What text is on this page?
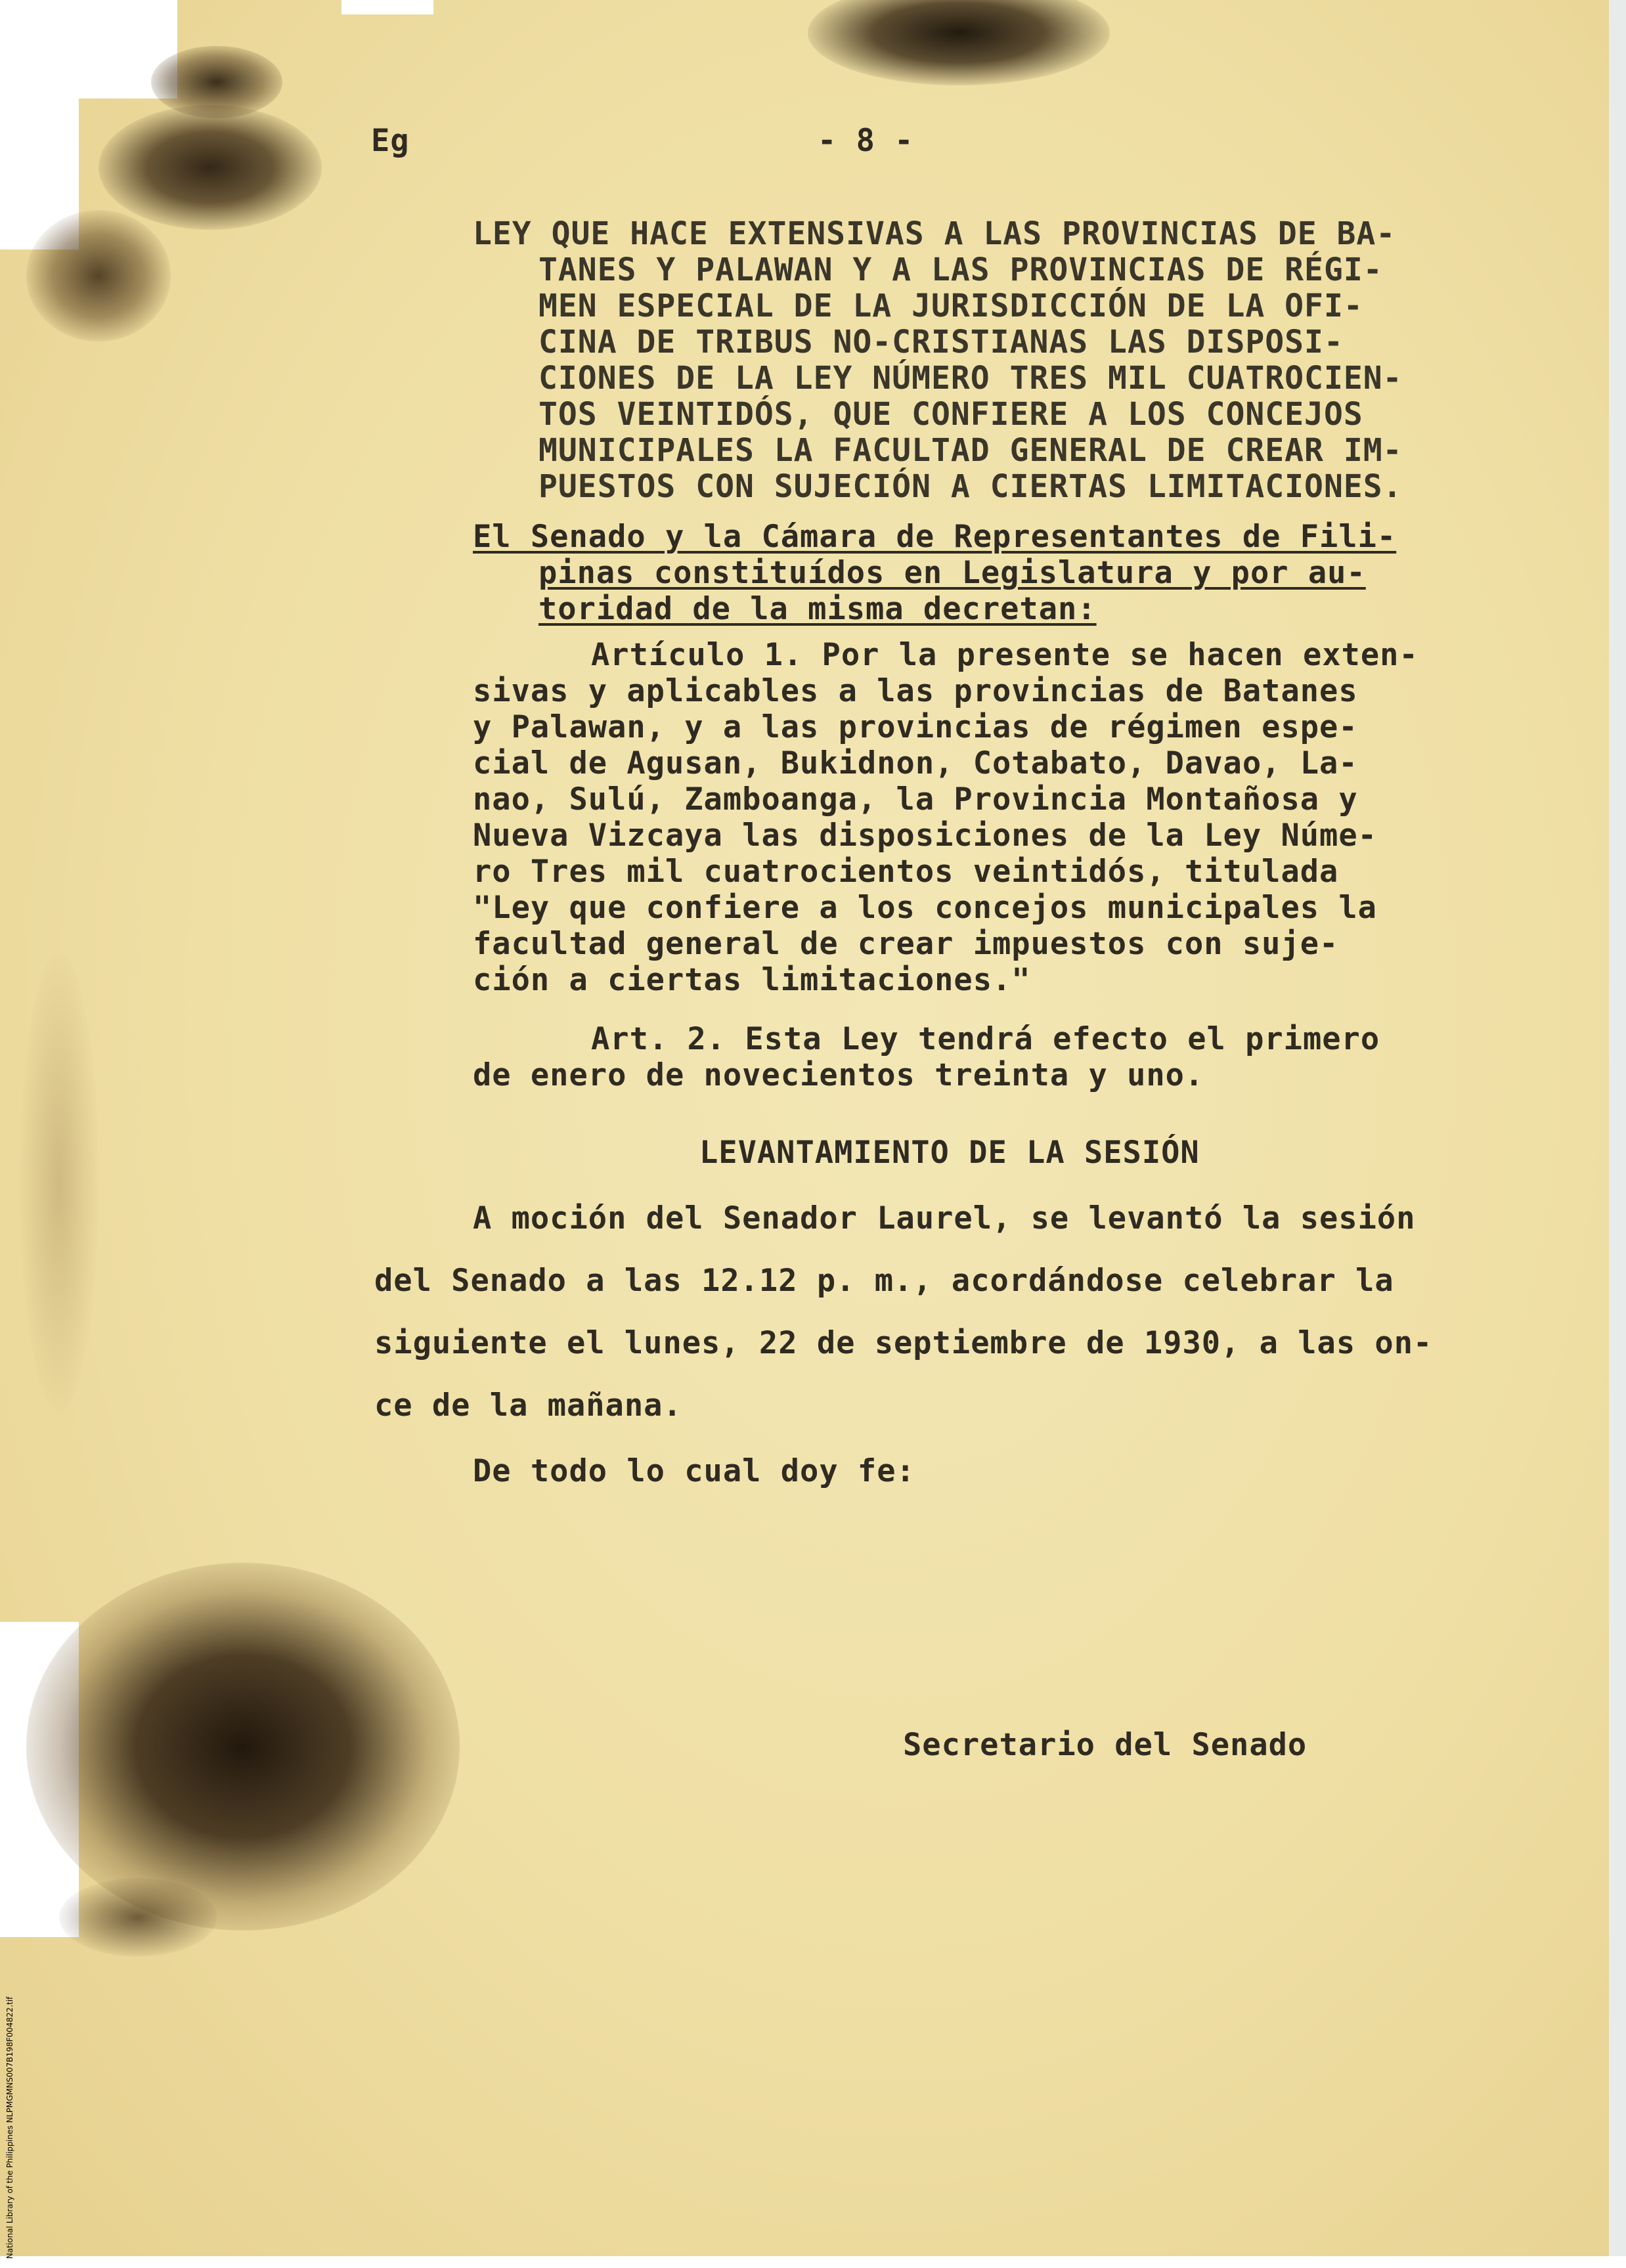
Eg	- 8 -
LEY QUE HACE EXTENSIVAS A LAS PROVINCIAS DE BA-
TANES Y PALAWAN Y A LAS PROVINCIAS DE RÉGI-
MEN ESPECIAL DE LA JURISDICCIÓN DE LA OFI-
CINA DE TRIBUS NO-CRISTIANAS LAS DISPOSI-
CIONES DE LA LEY NÚMERO TRES MIL CUATROCIEN-
TOS VEINTIDÓS, QUE CONFIERE A LOS CONCEJOS
MUNICIPALES LA FACULTAD GENERAL DE CREAR IM-
PUESTOS CON SUJECIÓN A CIERTAS LIMITACIONES.
El Senado y la Cámara de Representantes de Fili-
pinas constituídos en Legislatura y por au-
toridad de la misma decretan:
Artículo 1. Por la presente se hacen exten-
sivas y aplicables a las provincias de Batanes
y Palawan, y a las provincias de régimen espe-
cial de Agusan, Bukidnon, Cotabato, Davao, La-
nao, Sulú, Zamboanga, la Provincia Montañosa y
Nueva Vizcaya las disposiciones de la Ley Núme-
ro Tres mil cuatrocientos veintidós, titulada
"Ley que confiere a los concejos municipales la
facultad general de crear impuestos con suje-
ción a ciertas limitaciones."
Art. 2. Esta Ley tendrá efecto el primero
de enero de novecientos treinta y uno.
LEVANTAMIENTO DE LA SESIÓN
A moción del Senador Laurel, se levantó la sesión
del Senado a las 12.12 p. m., acordándose celebrar la
siguiente el lunes, 22 de septiembre de 1930, a las on-
ce de la mañana.
De todo lo cual doy fe:
Secretario del Senado
National Library of the Philippines NLPMGMNS007B198F004822.tif
